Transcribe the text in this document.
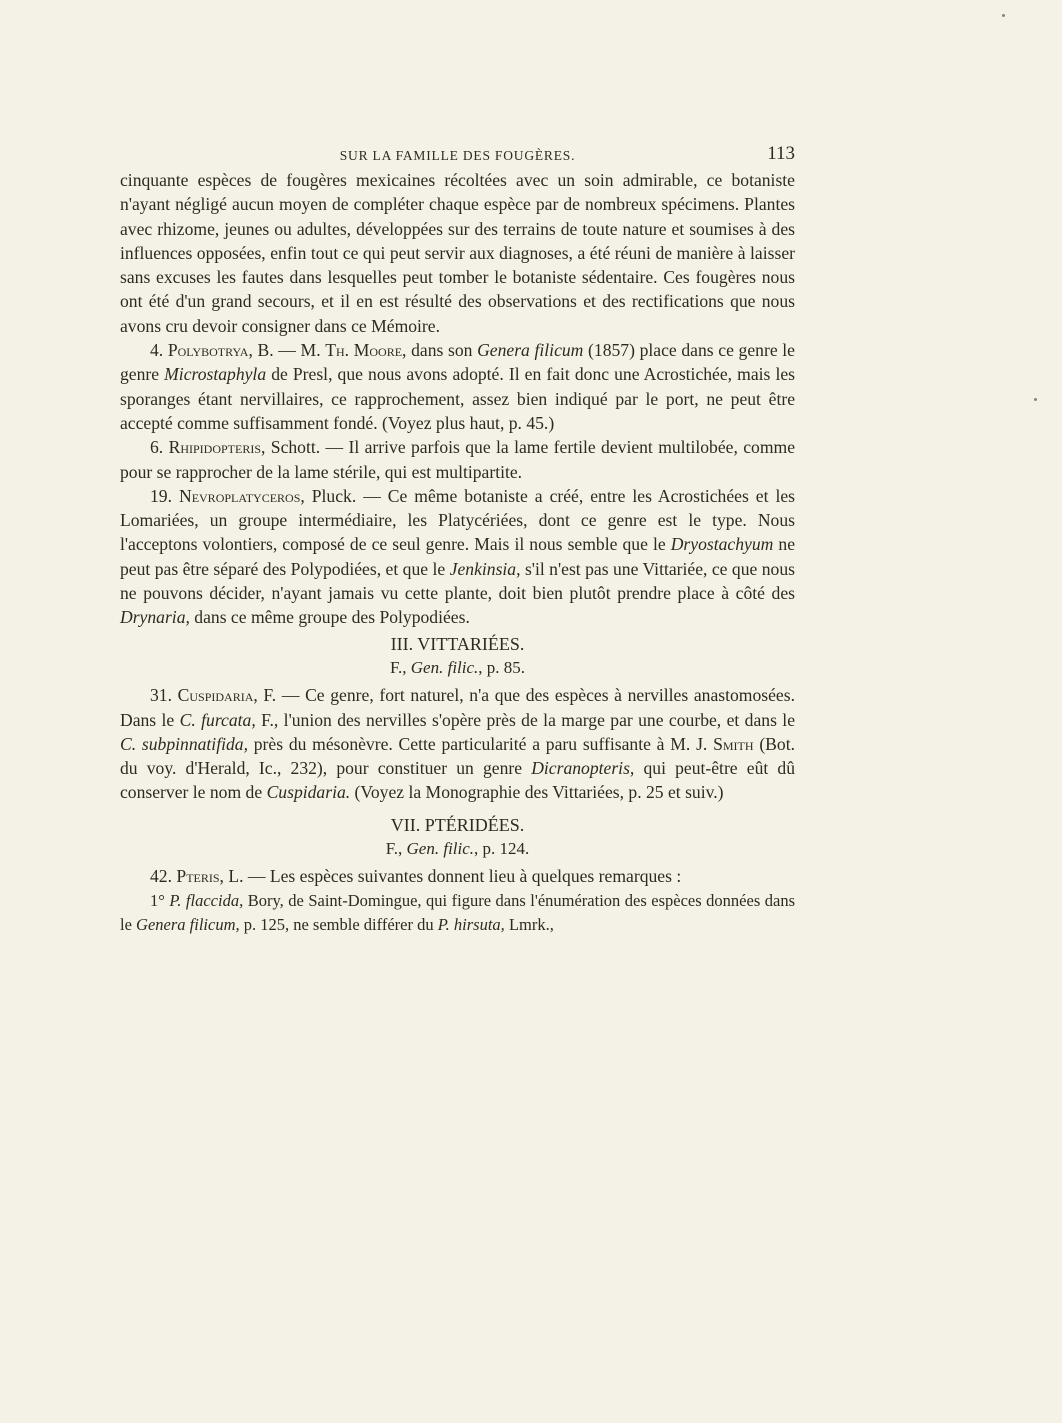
SUR LA FAMILLE DES FOUGÈRES.	113

cinquante espèces de fougères mexicaines récoltées avec un soin admirable, ce botaniste n'ayant négligé aucun moyen de compléter chaque espèce par de nombreux spécimens. Plantes avec rhizome, jeunes ou adultes, développées sur des terrains de toute nature et soumises à des influences opposées, enfin tout ce qui peut servir aux diagnoses, a été réuni de manière à laisser sans excuses les fautes dans lesquelles peut tomber le botaniste sédentaire. Ces fougères nous ont été d'un grand secours, et il en est résulté des observations et des rectifications que nous avons cru devoir consigner dans ce Mémoire.

4. Polybotrya, B. — M. Th. Moore, dans son Genera filicum (1857) place dans ce genre le genre Microstaphyla de Presl, que nous avons adopté. Il en fait donc une Acrostichée, mais les sporanges étant nervillaires, ce rapprochement, assez bien indiqué par le port, ne peut être accepté comme suffisamment fondé. (Voyez plus haut, p. 45.)

6. Rhipidopteris, Schott. — Il arrive parfois que la lame fertile devient multilobée, comme pour se rapprocher de la lame stérile, qui est multipartite.

19. Nevroplatyceros, Pluck. — Ce même botaniste a créé, entre les Acrostichées et les Lomariées, un groupe intermédiaire, les Platycériées, dont ce genre est le type. Nous l'acceptons volontiers, composé de ce seul genre. Mais il nous semble que le Dryostachyum ne peut pas être séparé des Polypodiées, et que le Jenkinsia, s'il n'est pas une Vittariée, ce que nous ne pouvons décider, n'ayant jamais vu cette plante, doit bien plutôt prendre place à côté des Drynaria, dans ce même groupe des Polypodiées.

III. VITTARIÉES.

F., Gen. filic., p. 85.

31. Cuspidaria, F. — Ce genre, fort naturel, n'a que des espèces à nervilles anastomosées. Dans le C. furcata, F., l'union des nervilles s'opère près de la marge par une courbe, et dans le C. subpinnatifida, près du mésonèvre. Cette particularité a paru suffisante à M. J. Smith (Bot. du voy. d'Herald, Ic., 232), pour constituer un genre Dicranopteris, qui peut-être eût dû conserver le nom de Cuspidaria. (Voyez la Monographie des Vittariées, p. 25 et suiv.)

VII. PTÉRIDÉES.

F., Gen. filic., p. 124.

42. Pteris, L. — Les espèces suivantes donnent lieu à quelques remarques :

1° P. flaccida, Bory, de Saint-Domingue, qui figure dans l'énumération des espèces données dans le Genera filicum, p. 125, ne semble différer du P. hirsuta, Lmrk.,
